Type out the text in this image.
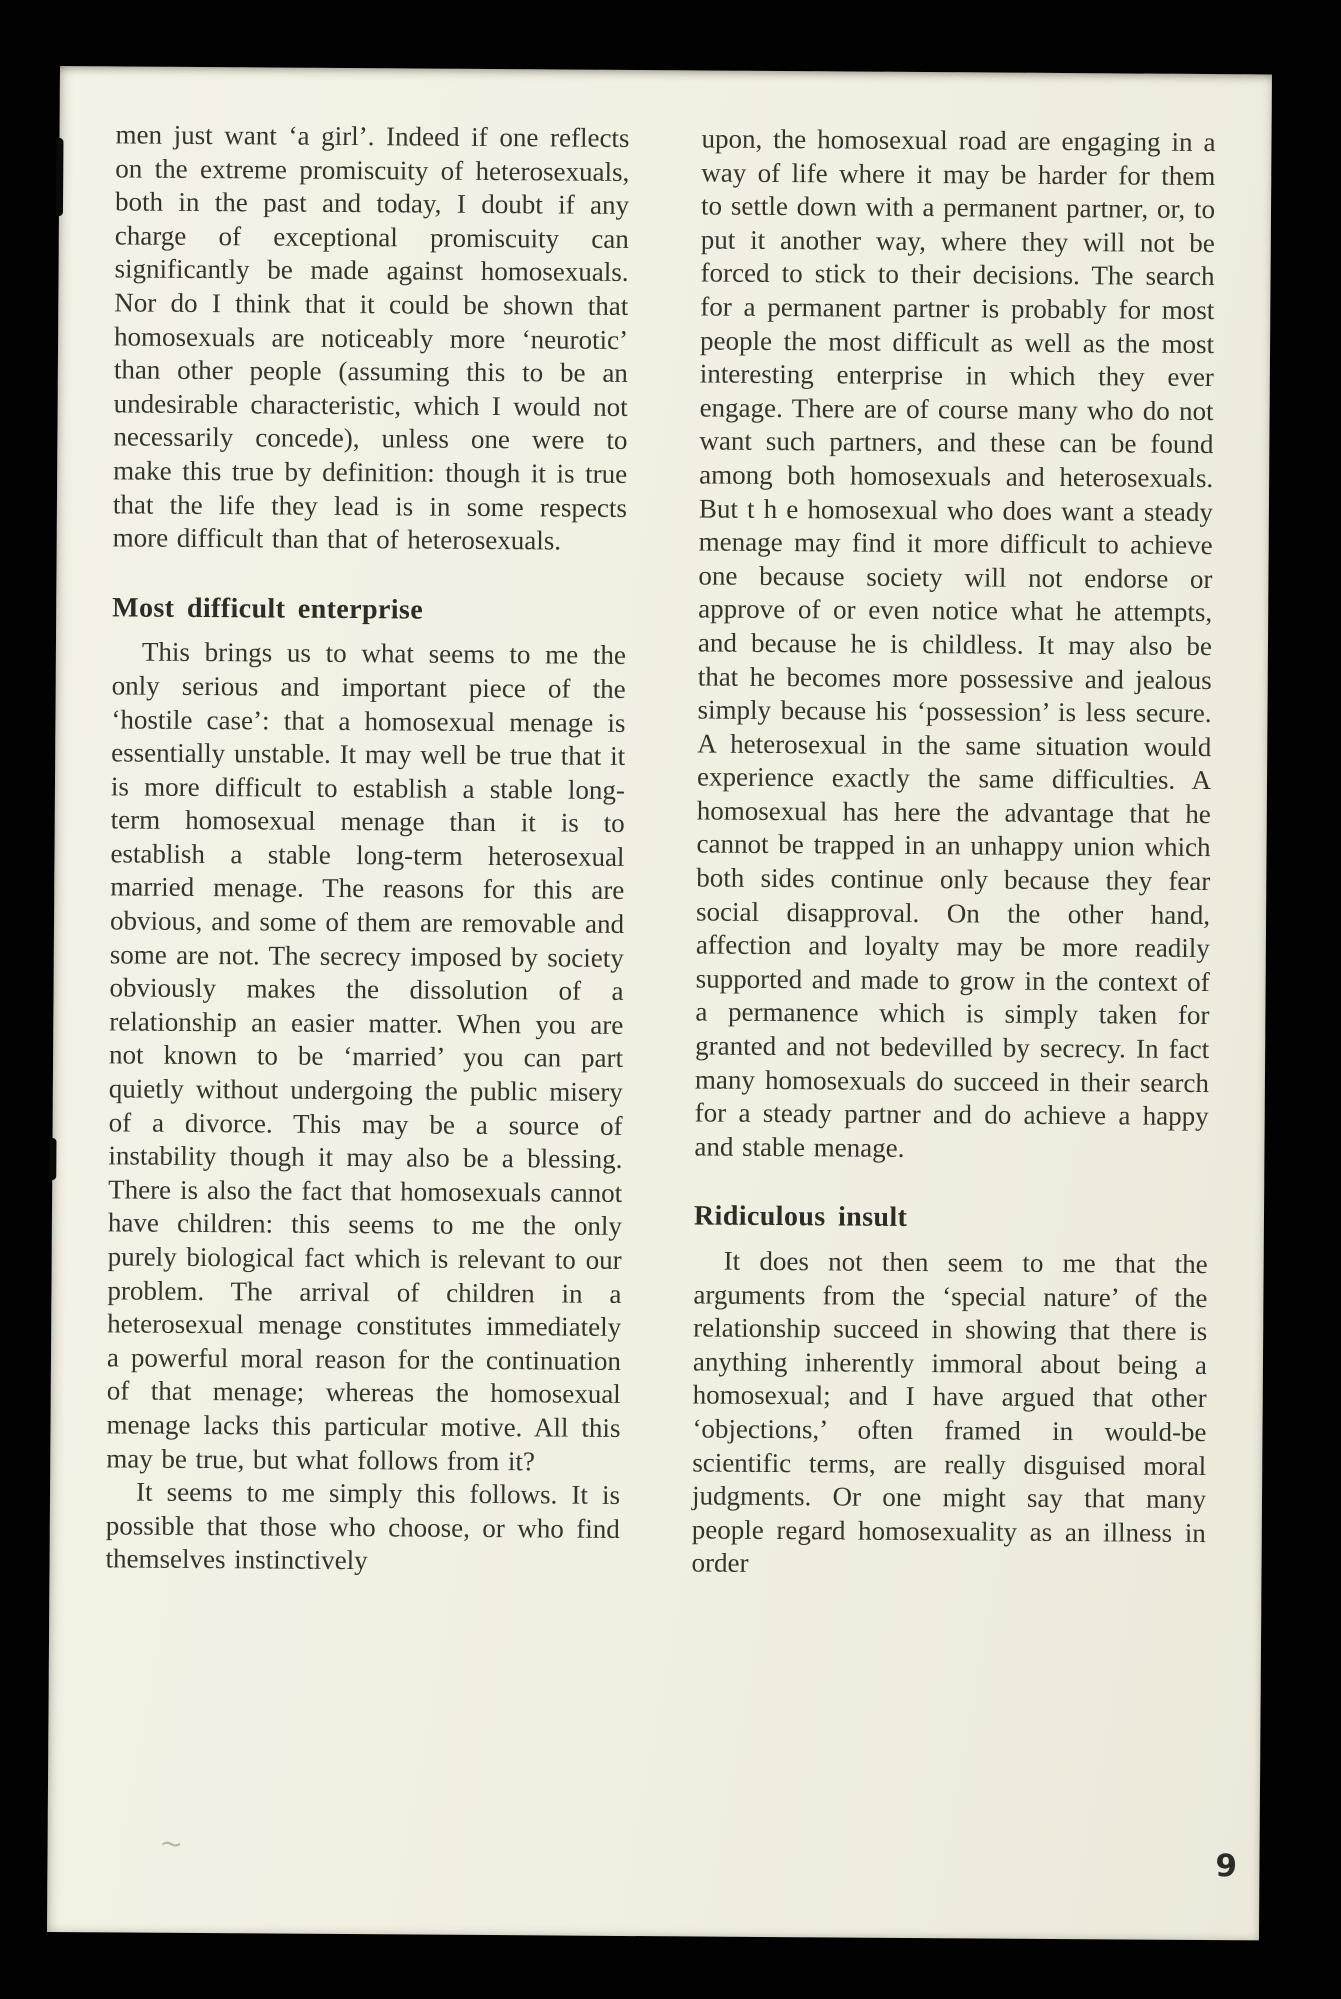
men just want ‘a girl’. Indeed if one reflects on the extreme promiscuity of heterosexuals, both in the past and today, I doubt if any charge of exceptional promiscuity can significantly be made against homosexuals. Nor do I think that it could be shown that homosexuals are noticeably more ‘neurotic’ than other people (assuming this to be an undesirable characteristic, which I would not necessarily concede), unless one were to make this true by definition: though it is true that the life they lead is in some respects more difficult than that of heterosexuals.

Most difficult enterprise

This brings us to what seems to me the only serious and important piece of the ‘hostile case’: that a homosexual menage is essentially unstable. It may well be true that it is more difficult to establish a stable long-term homosexual menage than it is to establish a stable long-term heterosexual married menage. The reasons for this are obvious, and some of them are removable and some are not. The secrecy imposed by society obviously makes the dissolution of a relationship an easier matter. When you are not known to be ‘married’ you can part quietly without undergoing the public misery of a divorce. This may be a source of instability though it may also be a blessing. There is also the fact that homosexuals cannot have children: this seems to me the only purely biological fact which is relevant to our problem. The arrival of children in a heterosexual menage constitutes immediately a powerful moral reason for the continuation of that menage; whereas the homosexual menage lacks this particular motive. All this may be true, but what follows from it?

It seems to me simply this follows. It is possible that those who choose, or who find themselves instinctively

upon, the homosexual road are engaging in a way of life where it may be harder for them to settle down with a permanent partner, or, to put it another way, where they will not be forced to stick to their decisions. The search for a permanent partner is probably for most people the most difficult as well as the most interesting enterprise in which they ever engage. There are of course many who do not want such partners, and these can be found among both homosexuals and heterosexuals. But t h e homosexual who does want a steady menage may find it more difficult to achieve one because society will not endorse or approve of or even notice what he attempts, and because he is childless. It may also be that he becomes more possessive and jealous simply because his ‘possession’ is less secure. A heterosexual in the same situation would experience exactly the same difficulties. A homosexual has here the advantage that he cannot be trapped in an unhappy union which both sides continue only because they fear social disapproval. On the other hand, affection and loyalty may be more readily supported and made to grow in the context of a permanence which is simply taken for granted and not bedevilled by secrecy. In fact many homosexuals do succeed in their search for a steady partner and do achieve a happy and stable menage.

Ridiculous insult

It does not then seem to me that the arguments from the ‘special nature’ of the relationship succeed in showing that there is anything inherently immoral about being a homosexual; and I have argued that other ‘objections,’ often framed in would-be scientific terms, are really disguised moral judgments. Or one might say that many people regard homosexuality as an illness in order

~
9
